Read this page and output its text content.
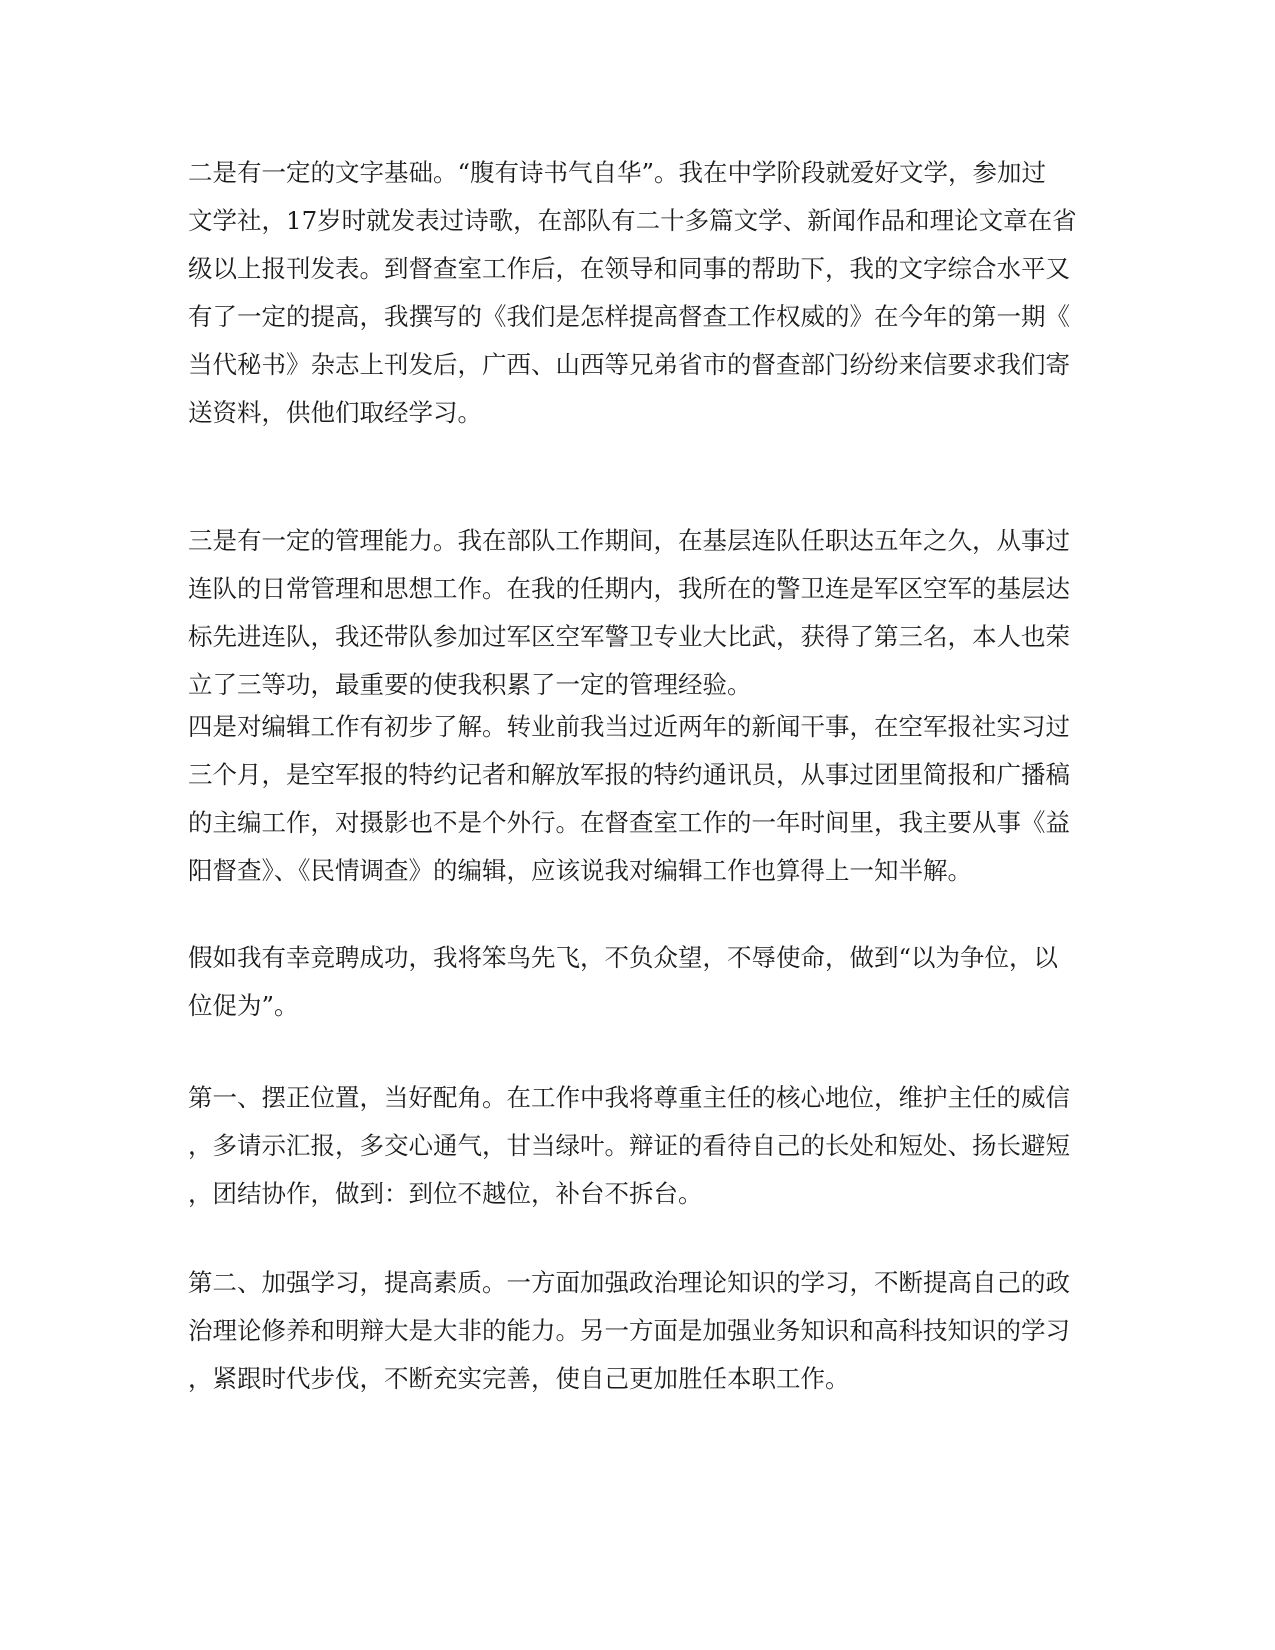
二是有一定的文字基础。“腹有诗书气自华”。我在中学阶段就爱好文学，参加过
文学社，17岁时就发表过诗歌，在部队有二十多篇文学、新闻作品和理论文章在省
级以上报刊发表。到督查室工作后，在领导和同事的帮助下，我的文字综合水平又
有了一定的提高，我撰写的《我们是怎样提高督查工作权威的》在今年的第一期《
当代秘书》杂志上刊发后，广西、山西等兄弟省市的督查部门纷纷来信要求我们寄
送资料，供他们取经学习。
三是有一定的管理能力。我在部队工作期间，在基层连队任职达五年之久，从事过
连队的日常管理和思想工作。在我的任期内，我所在的警卫连是军区空军的基层达
标先进连队，我还带队参加过军区空军警卫专业大比武，获得了第三名，本人也荣
立了三等功，最重要的使我积累了一定的管理经验。
四是对编辑工作有初步了解。转业前我当过近两年的新闻干事，在空军报社实习过
三个月，是空军报的特约记者和解放军报的特约通讯员，从事过团里简报和广播稿
的主编工作，对摄影也不是个外行。在督查室工作的一年时间里，我主要从事《益
阳督查》、《民情调查》的编辑，应该说我对编辑工作也算得上一知半解。
假如我有幸竞聘成功，我将笨鸟先飞，不负众望，不辱使命，做到“以为争位，以
位促为”。
第一、摆正位置，当好配角。在工作中我将尊重主任的核心地位，维护主任的威信
，多请示汇报，多交心通气，甘当绿叶。辩证的看待自己的长处和短处、扬长避短
，团结协作，做到：到位不越位，补台不拆台。
第二、加强学习，提高素质。一方面加强政治理论知识的学习，不断提高自己的政
治理论修养和明辩大是大非的能力。另一方面是加强业务知识和高科技知识的学习
，紧跟时代步伐，不断充实完善，使自己更加胜任本职工作。
